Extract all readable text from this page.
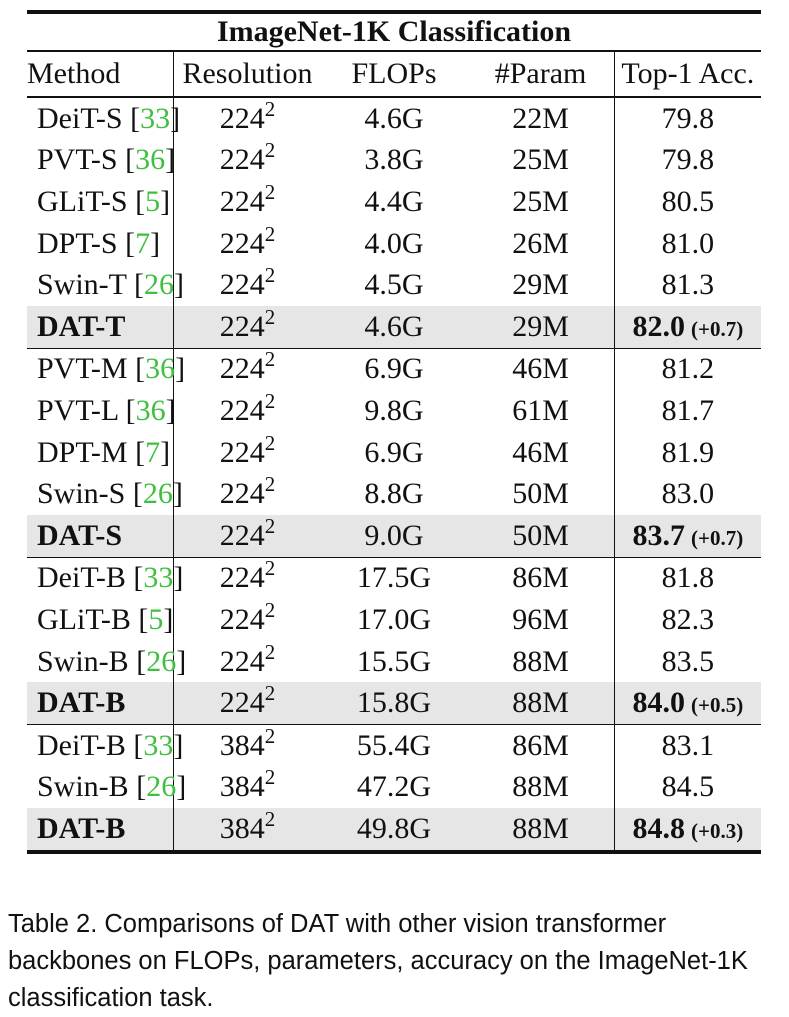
ImageNet-1K Classification				
Method	Resolution	FLOPs	#Param	Top-1 Acc.
DeiT-S [33]	$224^2$	4.6G	22M	79.8
PVT-S [36]	$224^2$	3.8G	25M	79.8
GLiT-S [5]	$224^2$	4.4G	25M	80.5
DPT-S [7]	$224^2$	4.0G	26M	81.0
Swin-T [26]	$224^2$	4.5G	29M	81.3
DAT-T	$224^2$	4.6G	29M	82.0 (+0.7)
PVT-M [36]	$224^2$	6.9G	46M	81.2
PVT-L [36]	$224^2$	9.8G	61M	81.7
DPT-M [7]	$224^2$	6.9G	46M	81.9
Swin-S [26]	$224^2$	8.8G	50M	83.0
DAT-S	$224^2$	9.0G	50M	83.7 (+0.7)
DeiT-B [33]	$224^2$	17.5G	86M	81.8
GLiT-B [5]	$224^2$	17.0G	96M	82.3
Swin-B [26]	$224^2$	15.5G	88M	83.5
DAT-B	$224^2$	15.8G	88M	84.0 (+0.5)
DeiT-B [33]	$384^2$	55.4G	86M	83.1
Swin-B [26]	$384^2$	47.2G	88M	84.5
DAT-B	$384^2$	49.8G	88M	84.8 (+0.3)
Table 2. Comparisons of DAT with other vision transformer backbones on FLOPs, parameters, accuracy on the ImageNet-1K classification task.
